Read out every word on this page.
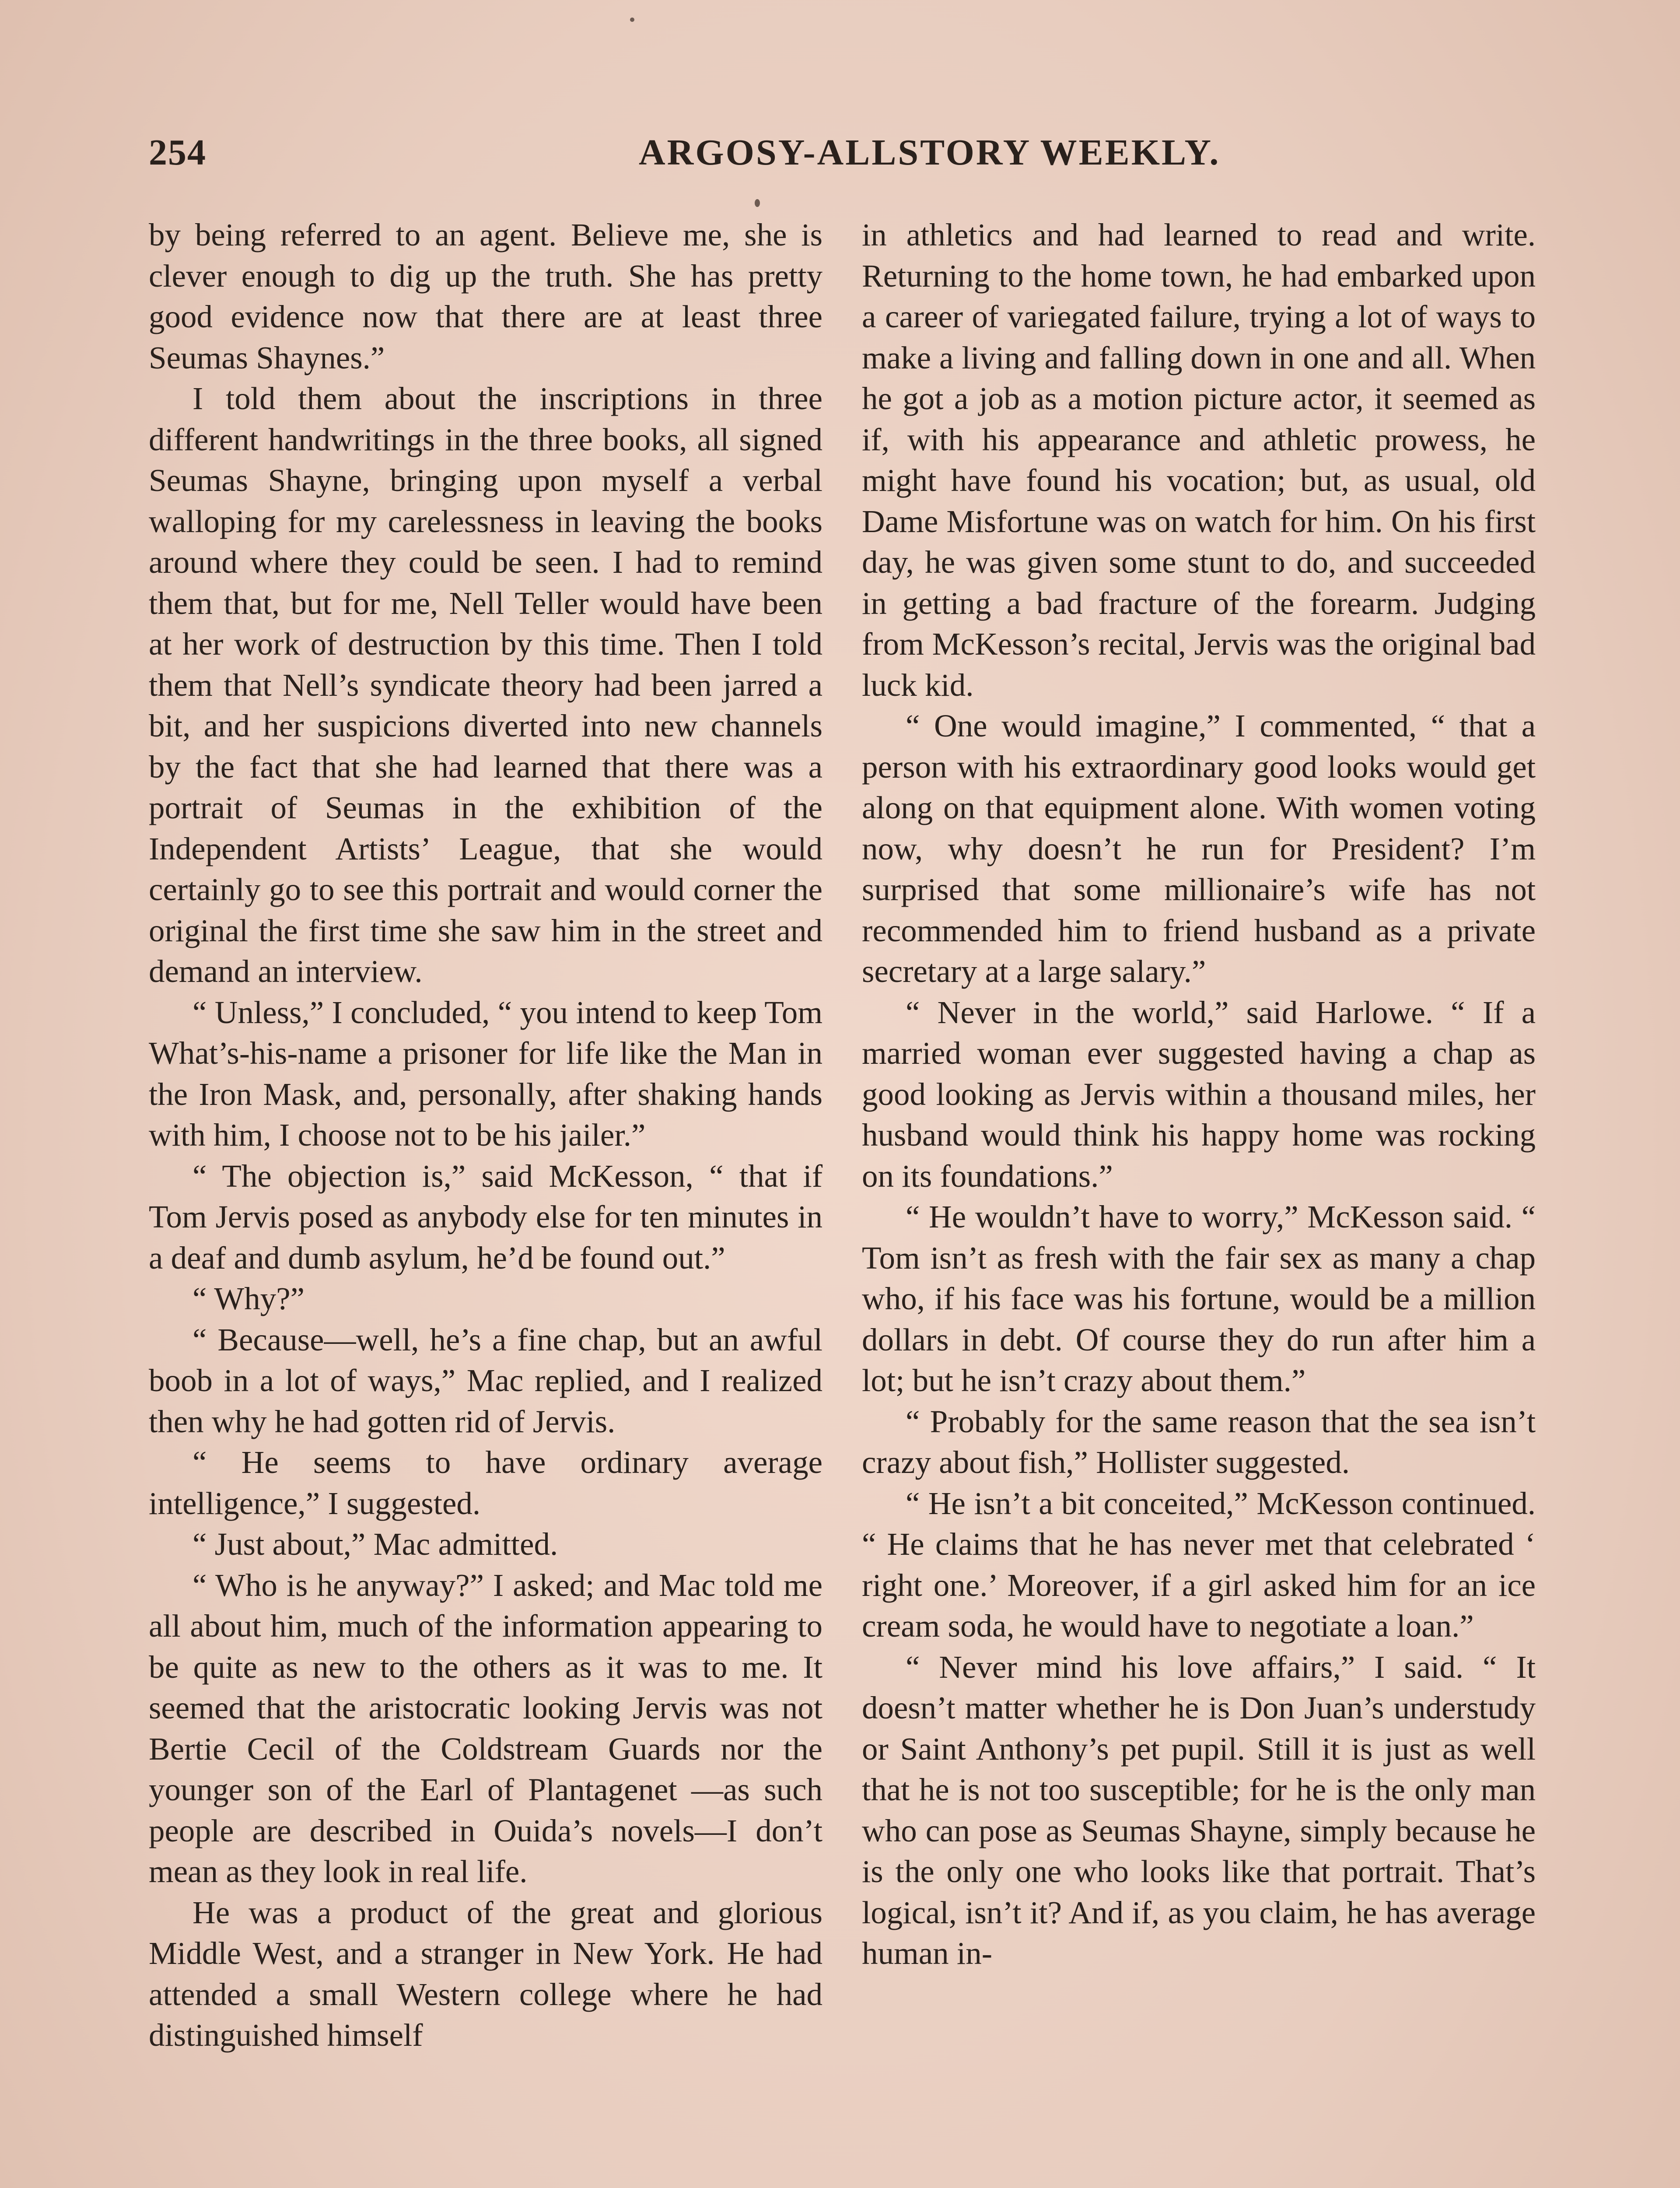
254	ARGOSY-ALLSTORY WEEKLY.

by being referred to an agent. Believe me, she is clever enough to dig up the truth. She has pretty good evidence now that there are at least three Seumas Shaynes.”

I told them about the inscriptions in three different handwritings in the three books, all signed Seumas Shayne, bringing upon myself a verbal walloping for my carelessness in leaving the books around where they could be seen. I had to remind them that, but for me, Nell Teller would have been at her work of destruction by this time. Then I told them that Nell’s syndicate theory had been jarred a bit, and her suspicions diverted into new channels by the fact that she had learned that there was a portrait of Seumas in the exhibition of the Independent Artists’ League, that she would certainly go to see this portrait and would corner the original the first time she saw him in the street and demand an interview.

“ Unless,” I concluded, “ you intend to keep Tom What’s-his-name a prisoner for life like the Man in the Iron Mask, and, personally, after shaking hands with him, I choose not to be his jailer.”

“ The objection is,” said McKesson, “ that if Tom Jervis posed as anybody else for ten minutes in a deaf and dumb asylum, he’d be found out.”

“ Why?”

“ Because—well, he’s a fine chap, but an awful boob in a lot of ways,” Mac replied, and I realized then why he had gotten rid of Jervis.

“ He seems to have ordinary average intelligence,” I suggested.

“ Just about,” Mac admitted.

“ Who is he anyway?” I asked; and Mac told me all about him, much of the information appearing to be quite as new to the others as it was to me. It seemed that the aristocratic looking Jervis was not Bertie Cecil of the Coldstream Guards nor the younger son of the Earl of Plantagenet —as such people are described in Ouida’s novels—I don’t mean as they look in real life.

He was a product of the great and glorious Middle West, and a stranger in New York. He had attended a small Western college where he had distinguished himself

in athletics and had learned to read and write. Returning to the home town, he had embarked upon a career of variegated failure, trying a lot of ways to make a living and falling down in one and all. When he got a job as a motion picture actor, it seemed as if, with his appearance and athletic prowess, he might have found his vocation; but, as usual, old Dame Misfortune was on watch for him. On his first day, he was given some stunt to do, and succeeded in getting a bad fracture of the forearm. Judging from McKesson’s recital, Jervis was the original bad luck kid.

“ One would imagine,” I commented, “ that a person with his extraordinary good looks would get along on that equipment alone. With women voting now, why doesn’t he run for President? I’m surprised that some millionaire’s wife has not recommended him to friend husband as a private secretary at a large salary.”

“ Never in the world,” said Harlowe. “ If a married woman ever suggested having a chap as good looking as Jervis within a thousand miles, her husband would think his happy home was rocking on its foundations.”

“ He wouldn’t have to worry,” McKesson said. “ Tom isn’t as fresh with the fair sex as many a chap who, if his face was his fortune, would be a million dollars in debt. Of course they do run after him a lot; but he isn’t crazy about them.”

“ Probably for the same reason that the sea isn’t crazy about fish,” Hollister suggested.

“ He isn’t a bit conceited,” McKesson continued. “ He claims that he has never met that celebrated ‘ right one.’ Moreover, if a girl asked him for an ice cream soda, he would have to negotiate a loan.”

“ Never mind his love affairs,” I said. “ It doesn’t matter whether he is Don Juan’s understudy or Saint Anthony’s pet pupil. Still it is just as well that he is not too susceptible; for he is the only man who can pose as Seumas Shayne, simply because he is the only one who looks like that portrait. That’s logical, isn’t it? And if, as you claim, he has average human in-
